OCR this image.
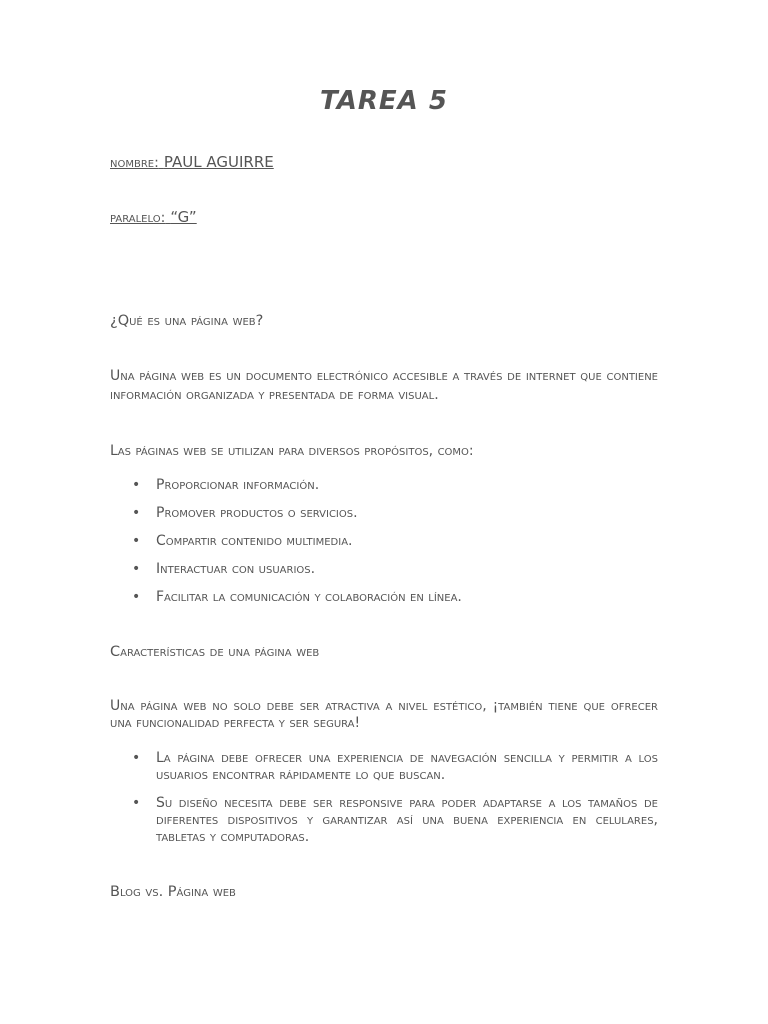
TAREA 5

nombre: PAUL AGUIRRE

paralelo: “G”

¿Qué es una página web?

Una página web es un documento electrónico accesible a través de internet que contiene información organizada y presentada de forma visual.

Las páginas web se utilizan para diversos propósitos, como:

• Proporcionar información.
• Promover productos o servicios.
• Compartir contenido multimedia.
• Interactuar con usuarios.
• Facilitar la comunicación y colaboración en línea.
Características de una página web

Una página web no solo debe ser atractiva a nivel estético, ¡también tiene que ofrecer una funcionalidad perfecta y ser segura!

• La página debe ofrecer una experiencia de navegación sencilla y permitir a los usuarios encontrar rápidamente lo que buscan.
• Su diseño necesita debe ser responsive para poder adaptarse a los tamaños de diferentes dispositivos y garantizar así una buena experiencia en celulares, tabletas y computadoras.
Blog vs. Página web
